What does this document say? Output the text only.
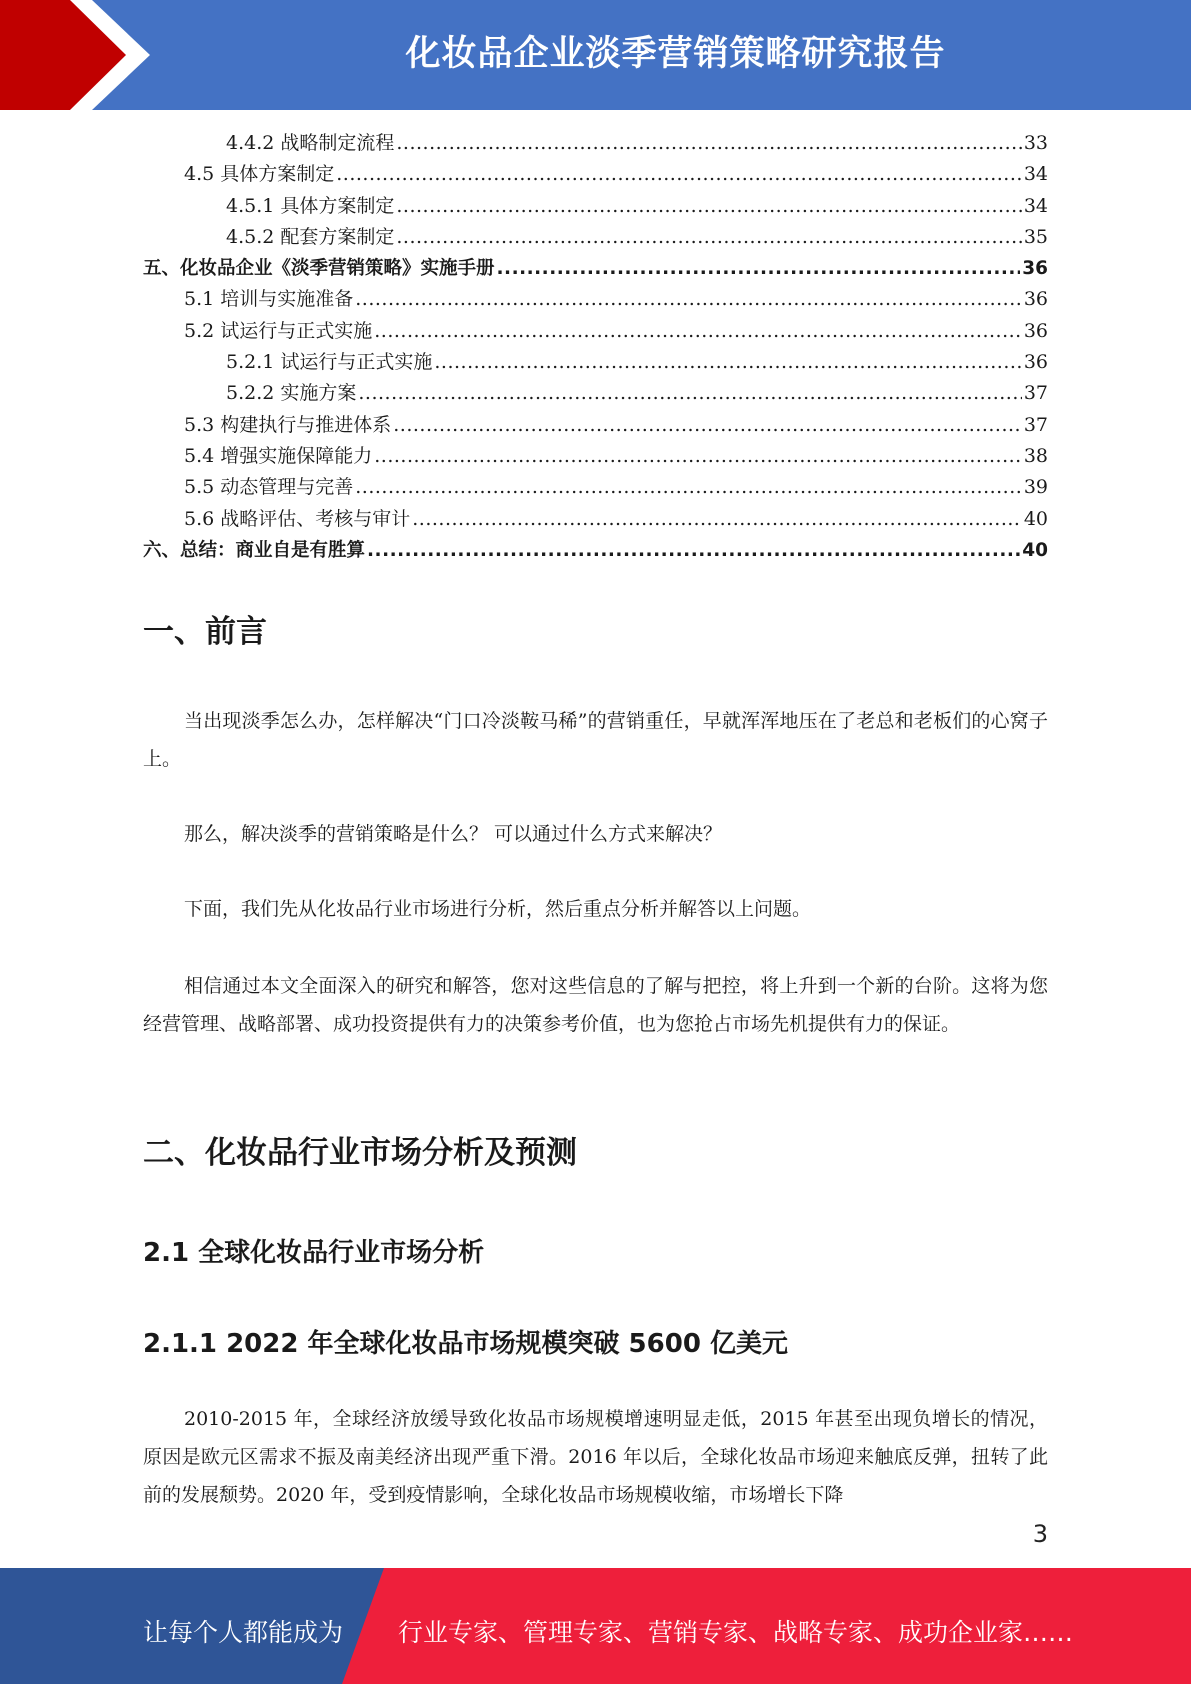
化妆品企业淡季营销策略研究报告
4.4.2 战略制定流程 .....	33
4.5 具体方案制定 .....	34
4.5.1 具体方案制定 .....	34
4.5.2 配套方案制定 .....	35
五、化妆品企业《淡季营销策略》实施手册 .....	36
5.1 培训与实施准备 .....	36
5.2 试运行与正式实施 .....	36
5.2.1 试运行与正式实施 .....	36
5.2.2 实施方案 .....	37
5.3 构建执行与推进体系 .....	37
5.4 增强实施保障能力 .....	38
5.5 动态管理与完善 .....	39
5.6 战略评估、考核与审计 .....	40
六、总结：商业自是有胜算 .....	40
一、前言

当出现淡季怎么办，怎样解决“门口冷淡鞍马稀”的营销重任，早就浑浑地压在了老总和老板们的心窝子上。

那么，解决淡季的营销策略是什么？ 可以通过什么方式来解决？

下面，我们先从化妆品行业市场进行分析，然后重点分析并解答以上问题。

相信通过本文全面深入的研究和解答，您对这些信息的了解与把控，将上升到一个新的台阶。这将为您经营管理、战略部署、成功投资提供有力的决策参考价值，也为您抢占市场先机提供有力的保证。

二、化妆品行业市场分析及预测
2.1 全球化妆品行业市场分析
2.1.1 2022 年全球化妆品市场规模突破 5600 亿美元

2010-2015 年，全球经济放缓导致化妆品市场规模增速明显走低，2015 年甚至出现负增长的情况，原因是欧元区需求不振及南美经济出现严重下滑。2016 年以后，全球化妆品市场迎来触底反弹，扭转了此前的发展颓势。2020 年，受到疫情影响，全球化妆品市场规模收缩，市场增长下降

3
让每个人都能成为 行业专家、管理专家、营销专家、战略专家、成功企业家……
